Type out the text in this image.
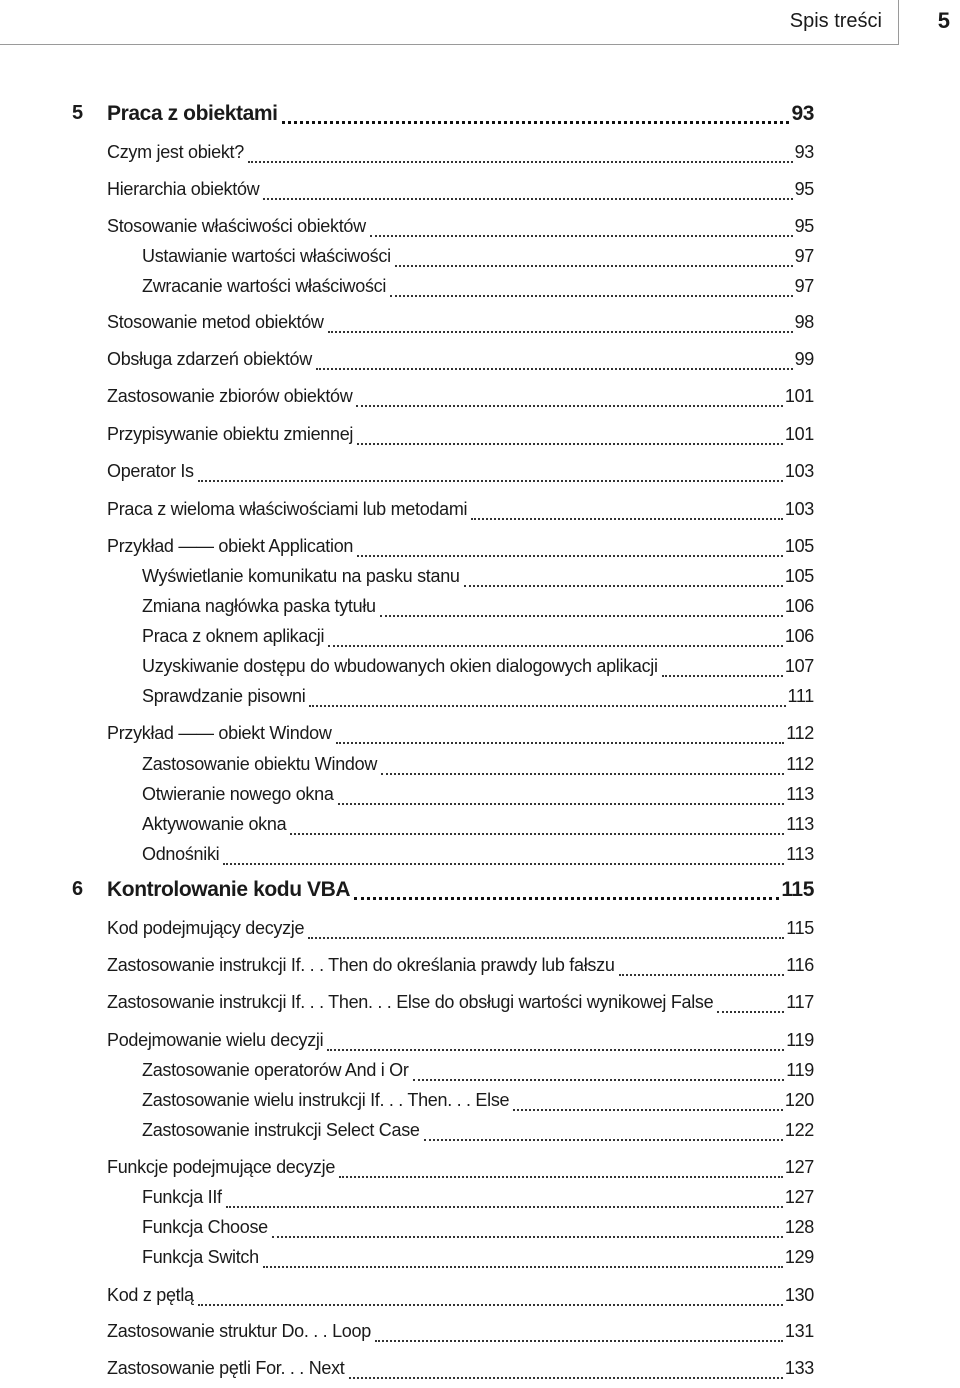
Spis treści	5
5 Praca z obiektami	93
Czym jest obiekt?	93
Hierarchia obiektów	95
Stosowanie właściwości obiektów	95
Ustawianie wartości właściwości	97
Zwracanie wartości właściwości	97
Stosowanie metod obiektów	98
Obsługa zdarzeń obiektów	99
Zastosowanie zbiorów obiektów	101
Przypisywanie obiektu zmiennej	101
Operator Is	103
Praca z wieloma właściwościami lub metodami	103
Przykład —— obiekt Application	105
Wyświetlanie komunikatu na pasku stanu	105
Zmiana nagłówka paska tytułu	106
Praca z oknem aplikacji	106
Uzyskiwanie dostępu do wbudowanych okien dialogowych aplikacji	107
Sprawdzanie pisowni	111
Przykład —— obiekt Window	112
Zastosowanie obiektu Window	112
Otwieranie nowego okna	113
Aktywowanie okna	113
Odnośniki	113
6 Kontrolowanie kodu VBA	115
Kod podejmujący decyzje	115
Zastosowanie instrukcji If. . . Then do określania prawdy lub fałszu	116
Zastosowanie instrukcji If. . . Then. . . Else do obsługi wartości wynikowej False	117
Podejmowanie wielu decyzji	119
Zastosowanie operatorów And i Or	119
Zastosowanie wielu instrukcji If. . . Then. . . Else	120
Zastosowanie instrukcji Select Case	122
Funkcje podejmujące decyzje	127
Funkcja IIf	127
Funkcja Choose	128
Funkcja Switch	129
Kod z pętlą	130
Zastosowanie struktur Do. . . Loop	131
Zastosowanie pętli For. . . Next	133
